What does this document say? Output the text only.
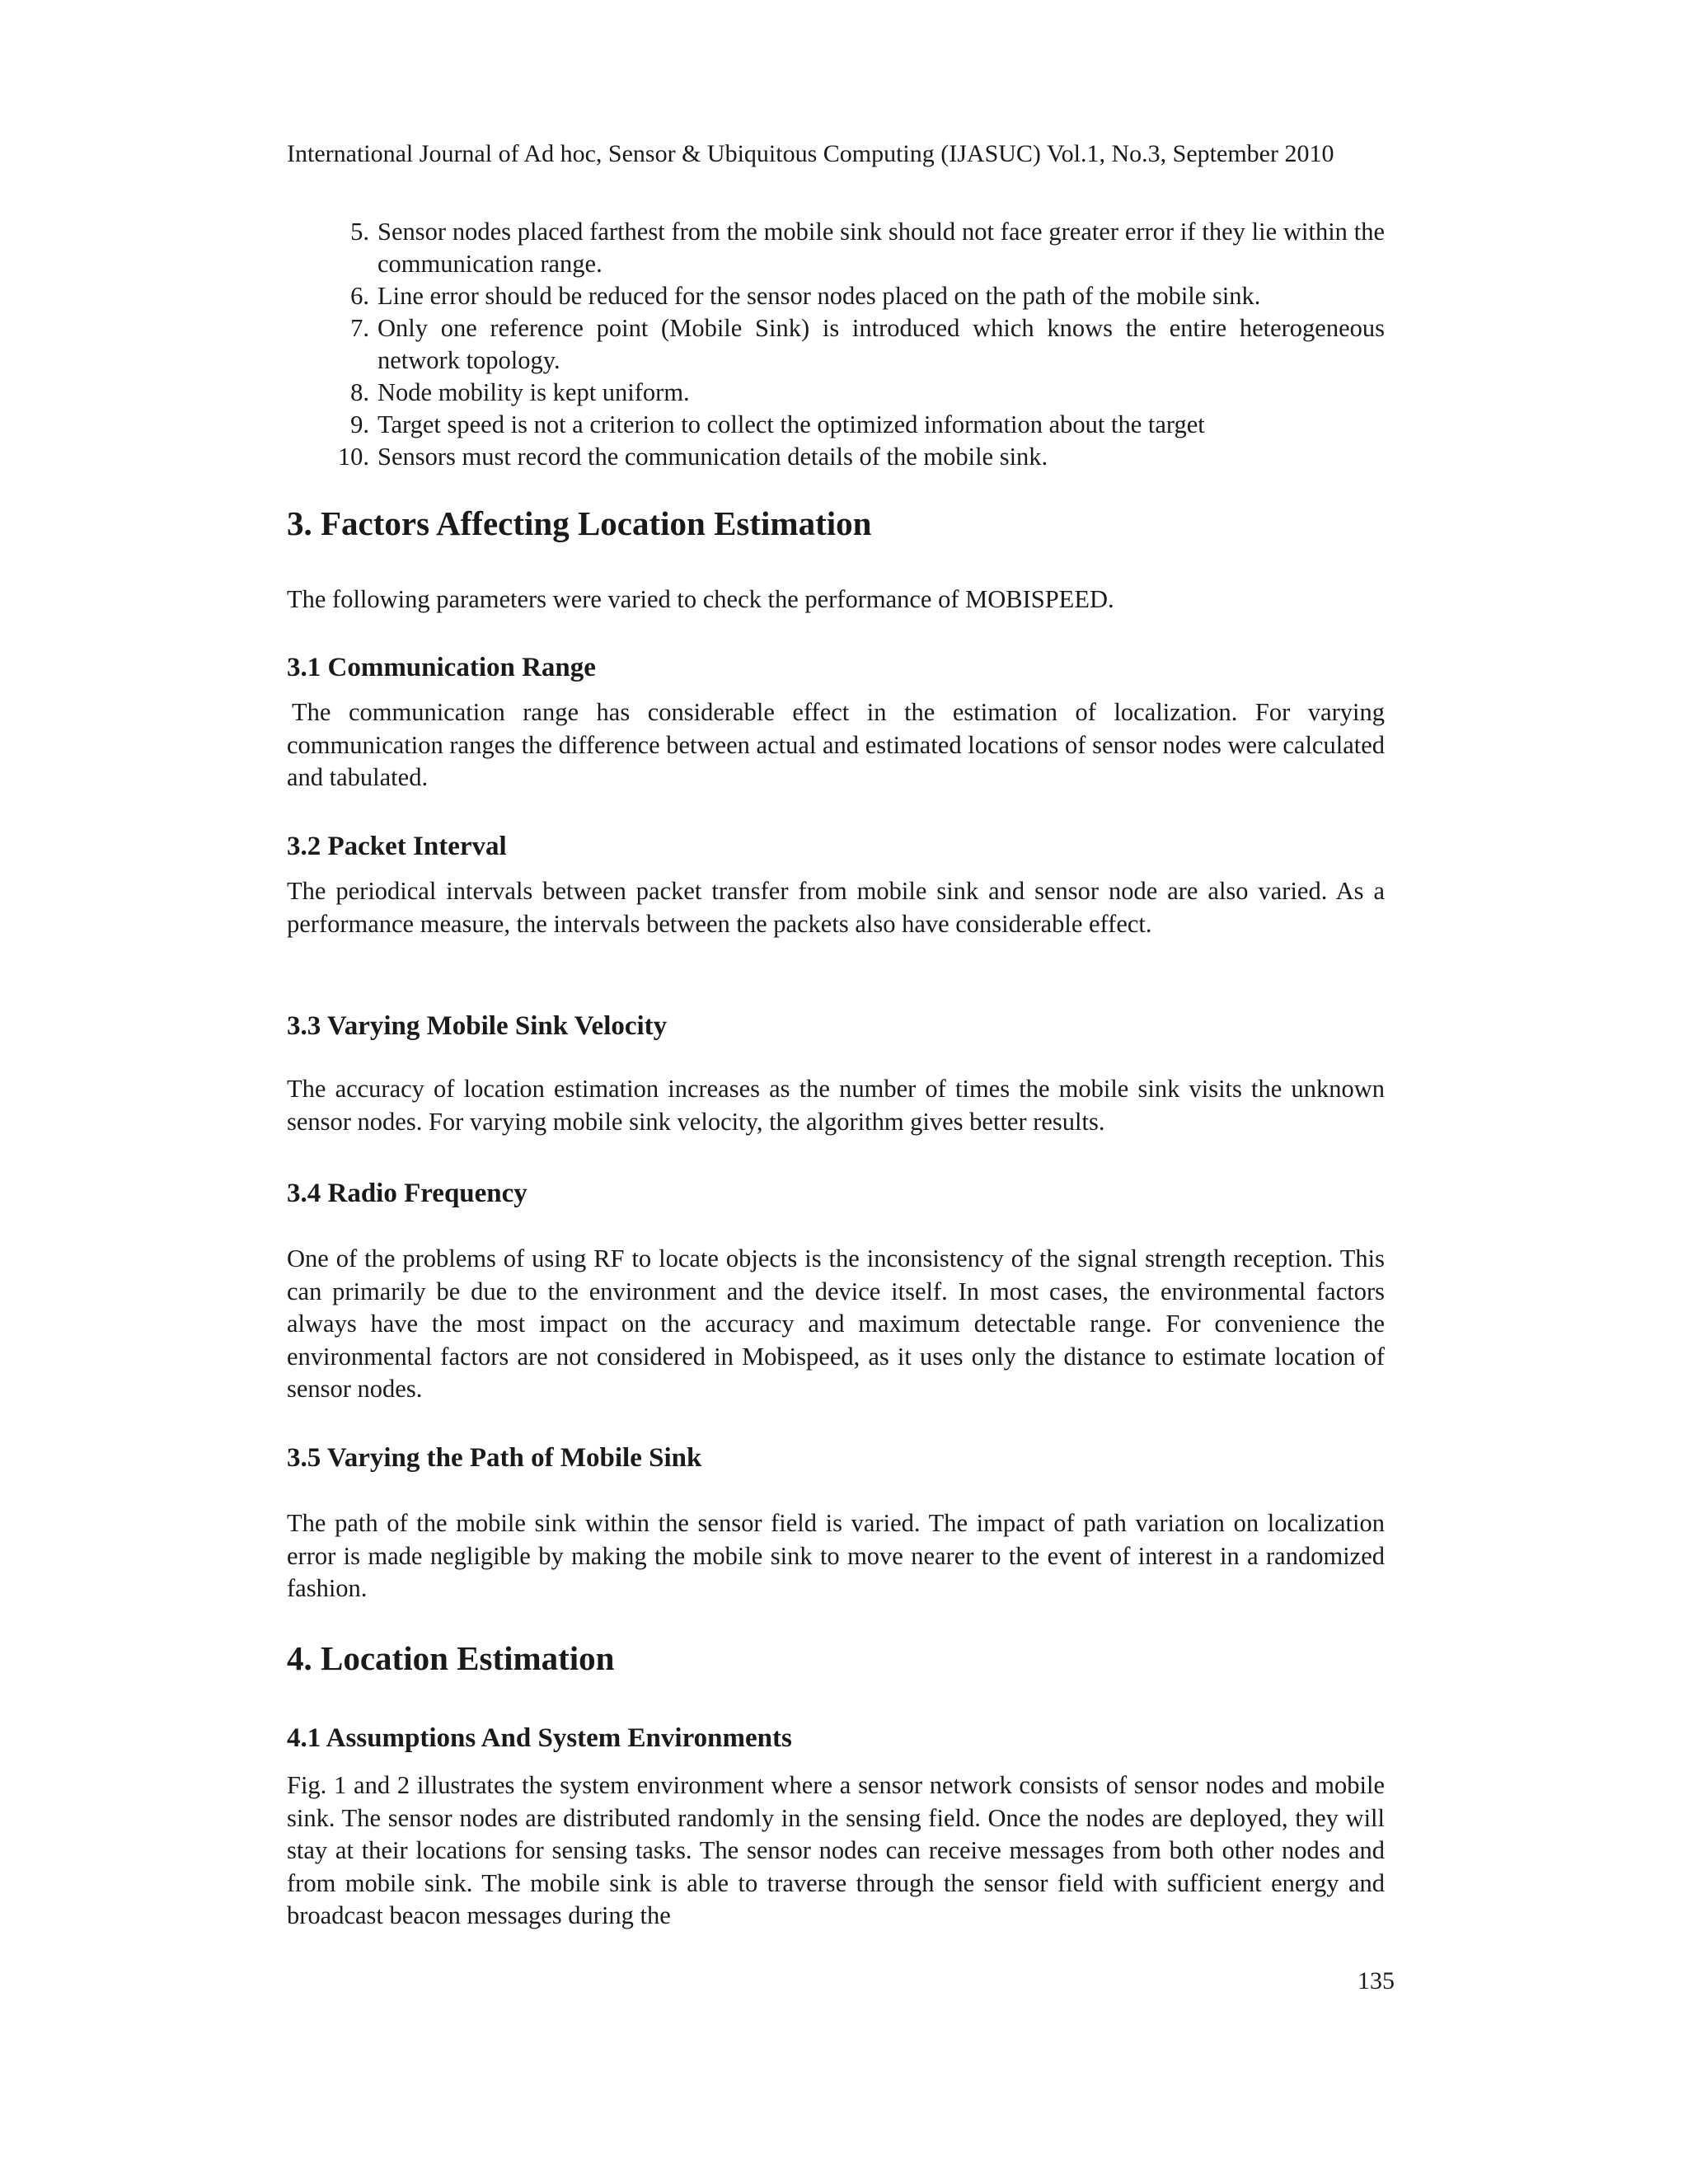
International Journal of Ad hoc, Sensor & Ubiquitous Computing (IJASUC) Vol.1, No.3, September 2010
5. Sensor nodes placed farthest from the mobile sink should not face greater error if they lie within the communication range.
6. Line error should be reduced for the sensor nodes placed on the path of the mobile sink.
7. Only one reference point (Mobile Sink) is introduced which knows the entire heterogeneous network topology.
8. Node mobility is kept uniform.
9. Target speed is not a criterion to collect the optimized information about the target
10. Sensors must record the communication details of the mobile sink.
3. Factors Affecting Location Estimation

The following parameters were varied to check the performance of MOBISPEED.

3.1 Communication Range

The communication range has considerable effect in the estimation of localization. For varying communication ranges the difference between actual and estimated locations of sensor nodes were calculated and tabulated.

3.2 Packet Interval

The periodical intervals between packet transfer from mobile sink and sensor node are also varied. As a performance measure, the intervals between the packets also have considerable effect.

3.3 Varying Mobile Sink Velocity

The accuracy of location estimation increases as the number of times the mobile sink visits the unknown sensor nodes. For varying mobile sink velocity, the algorithm gives better results.

3.4 Radio Frequency

One of the problems of using RF to locate objects is the inconsistency of the signal strength reception. This can primarily be due to the environment and the device itself. In most cases, the environmental factors always have the most impact on the accuracy and maximum detectable range. For convenience the environmental factors are not considered in Mobispeed, as it uses only the distance to estimate location of sensor nodes.

3.5 Varying the Path of Mobile Sink

The path of the mobile sink within the sensor field is varied. The impact of path variation on localization error is made negligible by making the mobile sink to move nearer to the event of interest in a randomized fashion.

4. Location Estimation
4.1 Assumptions And System Environments

Fig. 1 and 2 illustrates the system environment where a sensor network consists of sensor nodes and mobile sink. The sensor nodes are distributed randomly in the sensing field. Once the nodes are deployed, they will stay at their locations for sensing tasks. The sensor nodes can receive messages from both other nodes and from mobile sink. The mobile sink is able to traverse through the sensor field with sufficient energy and broadcast beacon messages during the

135
